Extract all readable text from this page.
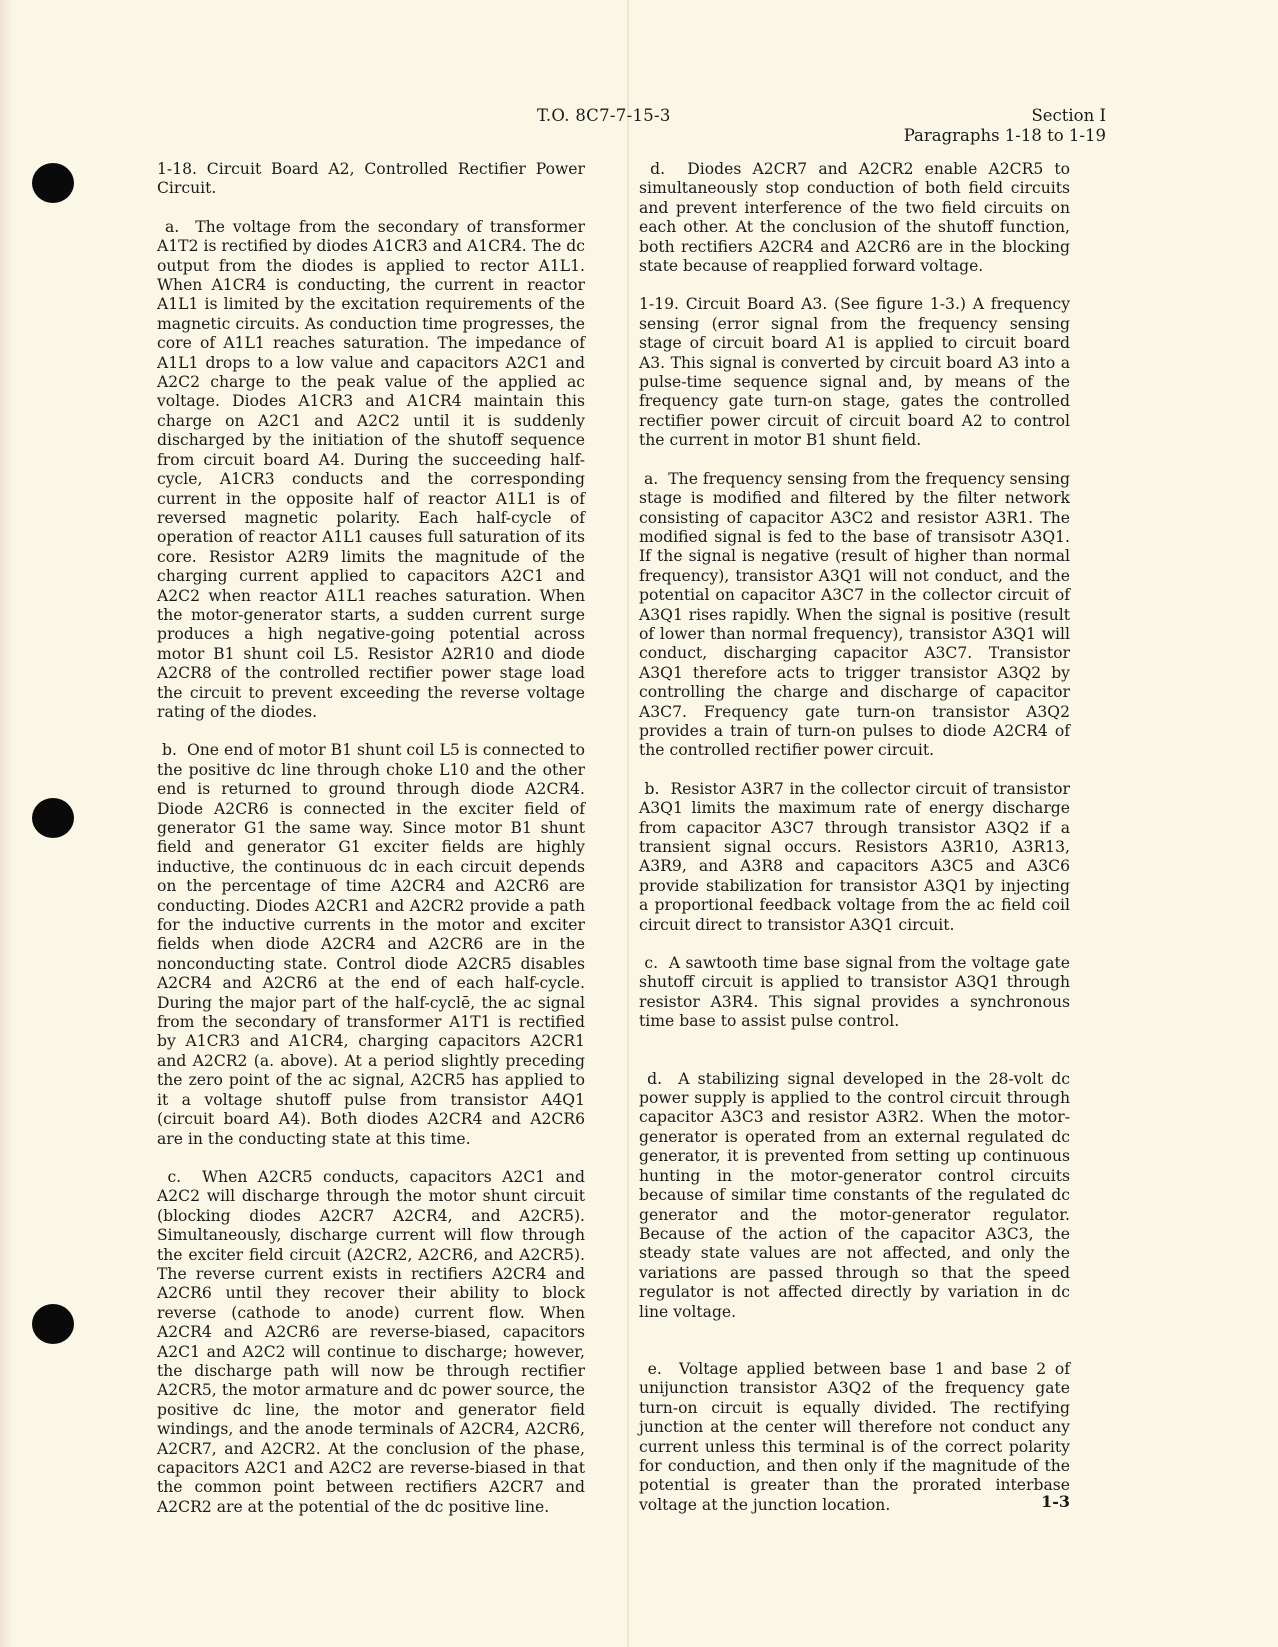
T.O. 8C7-7-15-3	Section I
Paragraphs 1-18 to 1-19

1-18. Circuit Board A2, Controlled Rectifier Power Circuit.

a. The voltage from the secondary of transformer A1T2 is rectified by diodes A1CR3 and A1CR4. The dc output from the diodes is applied to rector A1L1. When A1CR4 is conducting, the current in reactor A1L1 is limited by the excitation requirements of the magnetic circuits. As conduction time progresses, the core of A1L1 reaches saturation. The impedance of A1L1 drops to a low value and capacitors A2C1 and A2C2 charge to the peak value of the applied ac voltage. Diodes A1CR3 and A1CR4 maintain this charge on A2C1 and A2C2 until it is suddenly discharged by the initiation of the shutoff sequence from circuit board A4. During the succeeding half-cycle, A1CR3 conducts and the corresponding current in the opposite half of reactor A1L1 is of reversed magnetic polarity. Each half-cycle of operation of reactor A1L1 causes full saturation of its core. Resistor A2R9 limits the magnitude of the charging current applied to capacitors A2C1 and A2C2 when reactor A1L1 reaches saturation. When the motor-generator starts, a sudden current surge produces a high negative-going potential across motor B1 shunt coil L5. Resistor A2R10 and diode A2CR8 of the controlled rectifier power stage load the circuit to prevent exceeding the reverse voltage rating of the diodes.

b. One end of motor B1 shunt coil L5 is connected to the positive dc line through choke L10 and the other end is returned to ground through diode A2CR4. Diode A2CR6 is connected in the exciter field of generator G1 the same way. Since motor B1 shunt field and generator G1 exciter fields are highly inductive, the continuous dc in each circuit depends on the percentage of time A2CR4 and A2CR6 are conducting. Diodes A2CR1 and A2CR2 provide a path for the inductive currents in the motor and exciter fields when diode A2CR4 and A2CR6 are in the nonconducting state. Control diode A2CR5 disables A2CR4 and A2CR6 at the end of each half-cycle. During the major part of the half-cyclē, the ac signal from the secondary of transformer A1T1 is rectified by A1CR3 and A1CR4, charging capacitors A2CR1 and A2CR2 (a. above). At a period slightly preceding the zero point of the ac signal, A2CR5 has applied to it a voltage shutoff pulse from transistor A4Q1 (circuit board A4). Both diodes A2CR4 and A2CR6 are in the conducting state at this time.

c. When A2CR5 conducts, capacitors A2C1 and A2C2 will discharge through the motor shunt circuit (blocking diodes A2CR7 A2CR4, and A2CR5). Simultaneously, discharge current will flow through the exciter field circuit (A2CR2, A2CR6, and A2CR5). The reverse current exists in rectifiers A2CR4 and A2CR6 until they recover their ability to block reverse (cathode to anode) current flow. When A2CR4 and A2CR6 are reverse-biased, capacitors A2C1 and A2C2 will continue to discharge; however, the discharge path will now be through rectifier A2CR5, the motor armature and dc power source, the positive dc line, the motor and generator field windings, and the anode terminals of A2CR4, A2CR6, A2CR7, and A2CR2. At the conclusion of the phase, capacitors A2C1 and A2C2 are reverse-biased in that the common point between rectifiers A2CR7 and A2CR2 are at the potential of the dc positive line.

d. Diodes A2CR7 and A2CR2 enable A2CR5 to simultaneously stop conduction of both field circuits and prevent interference of the two field circuits on each other. At the conclusion of the shutoff function, both rectifiers A2CR4 and A2CR6 are in the blocking state because of reapplied forward voltage.

1-19. Circuit Board A3. (See figure 1-3.) A frequency sensing (error signal from the frequency sensing stage of circuit board A1 is applied to circuit board A3. This signal is converted by circuit board A3 into a pulse-time sequence signal and, by means of the frequency gate turn-on stage, gates the controlled rectifier power circuit of circuit board A2 to control the current in motor B1 shunt field.

a. The frequency sensing from the frequency sensing stage is modified and filtered by the filter network consisting of capacitor A3C2 and resistor A3R1. The modified signal is fed to the base of transisotr A3Q1. If the signal is negative (result of higher than normal frequency), transistor A3Q1 will not conduct, and the potential on capacitor A3C7 in the collector circuit of A3Q1 rises rapidly. When the signal is positive (result of lower than normal frequency), transistor A3Q1 will conduct, discharging capacitor A3C7. Transistor A3Q1 therefore acts to trigger transistor A3Q2 by controlling the charge and discharge of capacitor A3C7. Frequency gate turn-on transistor A3Q2 provides a train of turn-on pulses to diode A2CR4 of the controlled rectifier power circuit.

b. Resistor A3R7 in the collector circuit of transistor A3Q1 limits the maximum rate of energy discharge from capacitor A3C7 through transistor A3Q2 if a transient signal occurs. Resistors A3R10, A3R13, A3R9, and A3R8 and capacitors A3C5 and A3C6 provide stabilization for transistor A3Q1 by injecting a proportional feedback voltage from the ac field coil circuit direct to transistor A3Q1 circuit.

c. A sawtooth time base signal from the voltage gate shutoff circuit is applied to transistor A3Q1 through resistor A3R4. This signal provides a synchronous time base to assist pulse control.

d. A stabilizing signal developed in the 28-volt dc power supply is applied to the control circuit through capacitor A3C3 and resistor A3R2. When the motor-generator is operated from an external regulated dc generator, it is prevented from setting up continuous hunting in the motor-generator control circuits because of similar time constants of the regulated dc generator and the motor-generator regulator. Because of the action of the capacitor A3C3, the steady state values are not affected, and only the variations are passed through so that the speed regulator is not affected directly by variation in dc line voltage.

e. Voltage applied between base 1 and base 2 of unijunction transistor A3Q2 of the frequency gate turn-on circuit is equally divided. The rectifying junction at the center will therefore not conduct any current unless this terminal is of the correct polarity for conduction, and then only if the magnitude of the potential is greater than the prorated interbase voltage at the junction location.	1-3
